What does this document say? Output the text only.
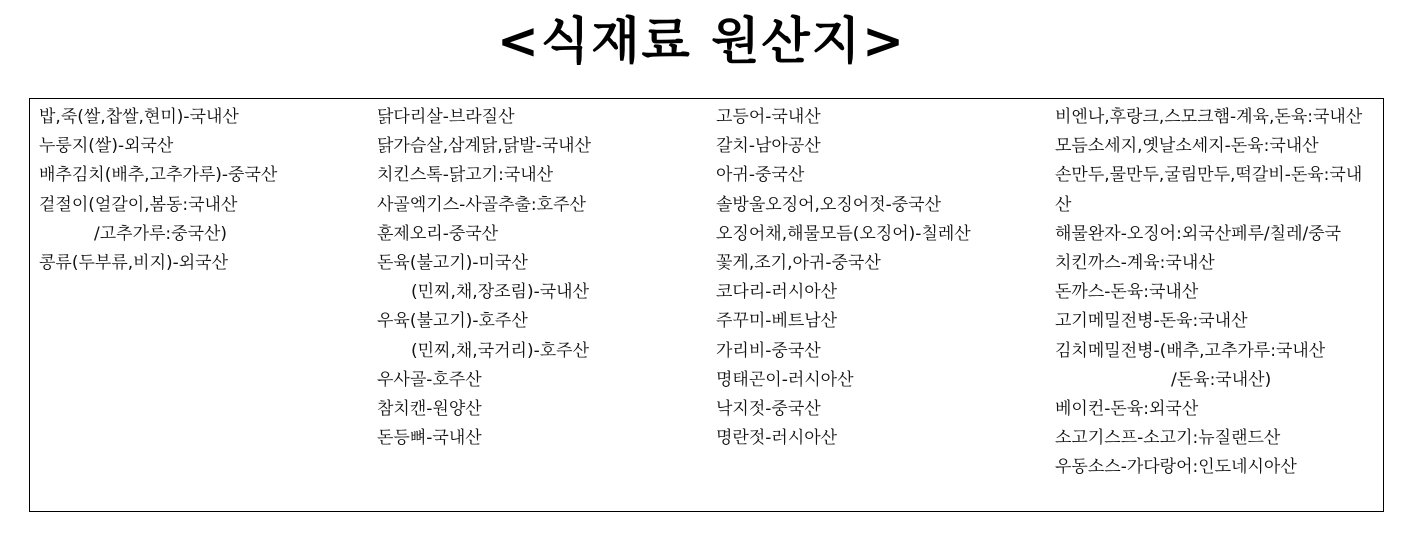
<식재료 원산지>
밥,죽(쌀,찹쌀,현미)-국내산
누룽지(쌀)-외국산
배추김치(배추,고추가루)-중국산
겉절이(얼갈이,봄동:국내산
/고추가루:중국산)
콩류(두부류,비지)-외국산
닭다리살-브라질산
닭가슴살,삼계닭,닭발-국내산
치킨스톡-닭고기:국내산
사골엑기스-사골추출:호주산
훈제오리-중국산
돈육(불고기)-미국산
(민찌,채,장조림)-국내산
우육(불고기)-호주산
(민찌,채,국거리)-호주산
우사골-호주산
참치캔-원양산
돈등뼈-국내산
고등어-국내산
갈치-남아공산
아귀-중국산
솔방울오징어,오징어젓-중국산
오징어채,해물모듬(오징어)-칠레산
꽃게,조기,아귀-중국산
코다리-러시아산
주꾸미-베트남산
가리비-중국산
명태곤이-러시아산
낙지젓-중국산
명란젓-러시아산
비엔나,후랑크,스모크햄-계육,돈육:국내산
모듬소세지,옛날소세지-돈육:국내산
손만두,물만두,굴림만두,떡갈비-돈육:국내산
해물완자-오징어:외국산페루/칠레/중국
치킨까스-계육:국내산
돈까스-돈육:국내산
고기메밀전병-돈육:국내산
김치메밀전병-(배추,고추가루:국내산
/돈육:국내산)
베이컨-돈육:외국산
소고기스프-소고기:뉴질랜드산
우동소스-가다랑어:인도네시아산
